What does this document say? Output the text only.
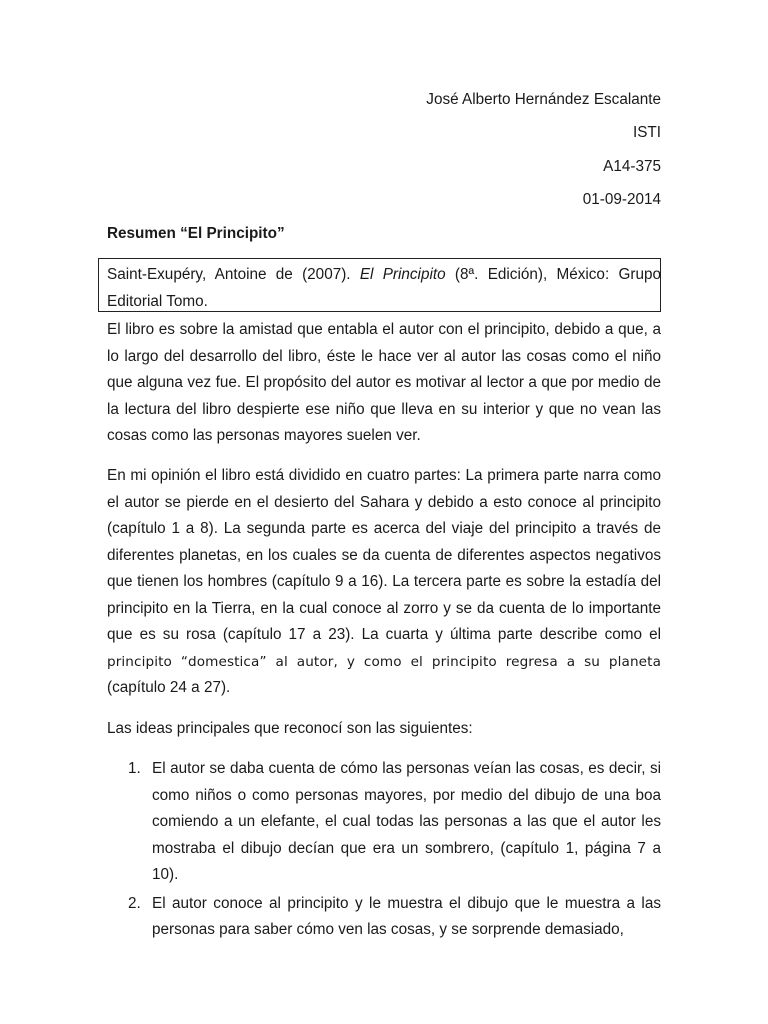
José Alberto Hernández Escalante
ISTI
A14-375
01-09-2014
Resumen “El Principito”
Saint-Exupéry, Antoine de (2007). El Principito (8ª. Edición), México: Grupo
Editorial Tomo.

El libro es sobre la amistad que entabla el autor con el principito, debido a que, a lo largo del desarrollo del libro, éste le hace ver al autor las cosas como el niño que alguna vez fue. El propósito del autor es motivar al lector a que por medio de la lectura del libro despierte ese niño que lleva en su interior y que no vean las cosas como las personas mayores suelen ver.

En mi opinión el libro está dividido en cuatro partes: La primera parte narra como el autor se pierde en el desierto del Sahara y debido a esto conoce al principito (capítulo 1 a 8). La segunda parte es acerca del viaje del principito a través de diferentes planetas, en los cuales se da cuenta de diferentes aspectos negativos que tienen los hombres (capítulo 9 a 16). La tercera parte es sobre la estadía del principito en la Tierra, en la cual conoce al zorro y se da cuenta de lo importante que es su rosa (capítulo 17 a 23). La cuarta y última parte describe como el principito “domestica” al autor, y como el principito regresa a su planeta (capítulo 24 a 27).

Las ideas principales que reconocí son las siguientes:

1. El autor se daba cuenta de cómo las personas veían las cosas, es decir, si como niños o como personas mayores, por medio del dibujo de una boa comiendo a un elefante, el cual todas las personas a las que el autor les mostraba el dibujo decían que era un sombrero, (capítulo 1, página 7 a 10).
2. El autor conoce al principito y le muestra el dibujo que le muestra a las personas para saber cómo ven las cosas, y se sorprende demasiado,
